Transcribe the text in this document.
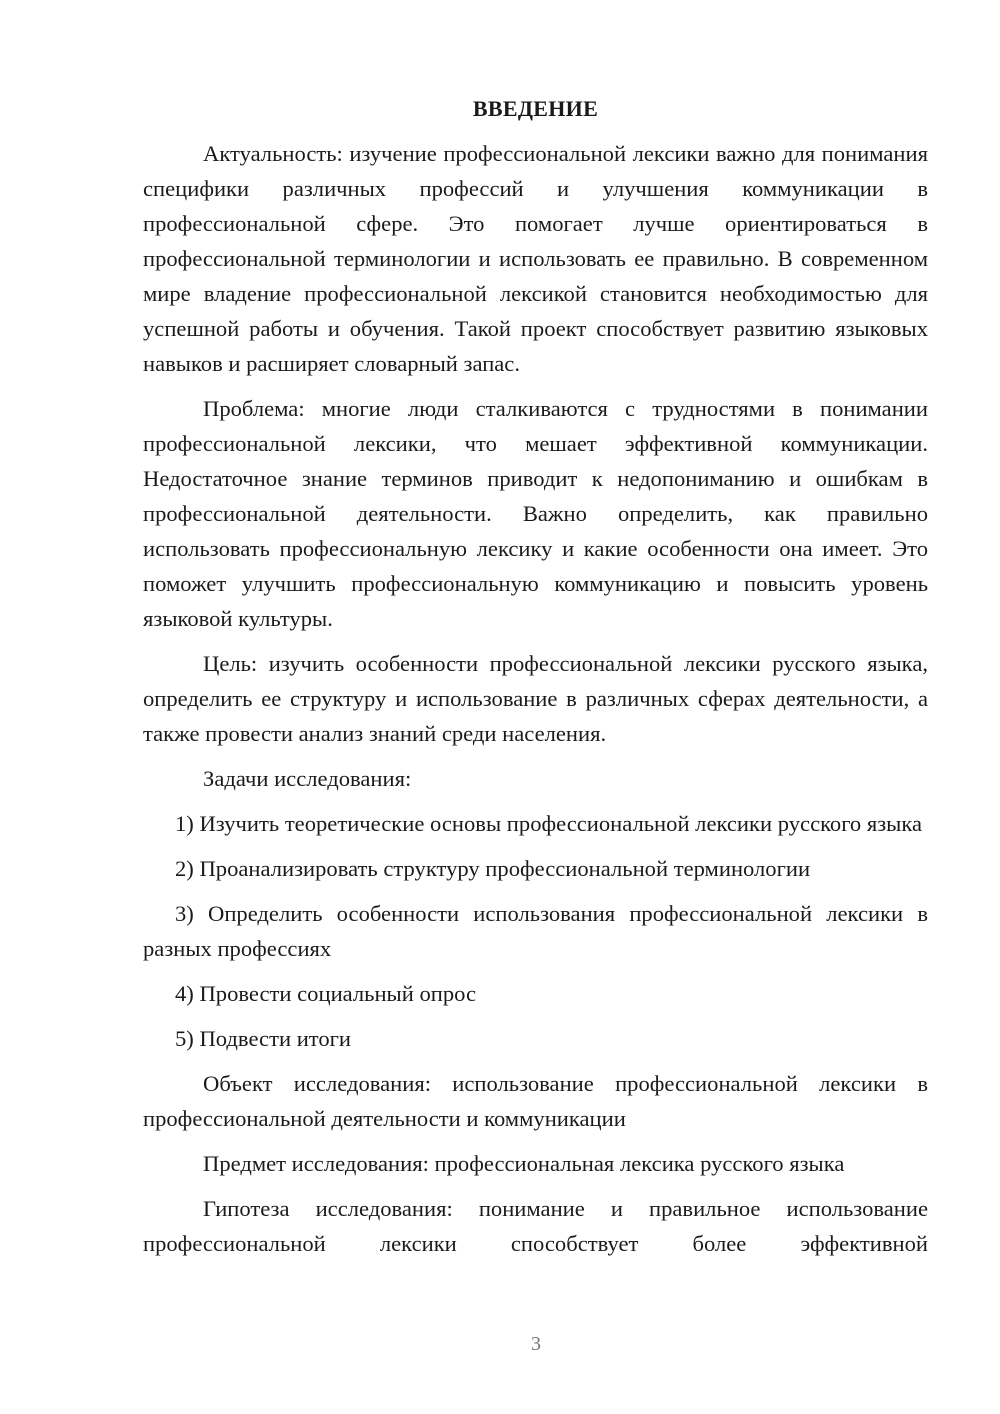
ВВЕДЕНИЕ
Актуальность: изучение профессиональной лексики важно для понимания специфики различных профессий и улучшения коммуникации в профессиональной сфере. Это помогает лучше ориентироваться в профессиональной терминологии и использовать ее правильно. В современном мире владение профессиональной лексикой становится необходимостью для успешной работы и обучения. Такой проект способствует развитию языковых навыков и расширяет словарный запас.
Проблема: многие люди сталкиваются с трудностями в понимании профессиональной лексики, что мешает эффективной коммуникации. Недостаточное знание терминов приводит к недопониманию и ошибкам в профессиональной деятельности. Важно определить, как правильно использовать профессиональную лексику и какие особенности она имеет. Это поможет улучшить профессиональную коммуникацию и повысить уровень языковой культуры.
Цель: изучить особенности профессиональной лексики русского языка, определить ее структуру и использование в различных сферах деятельности, а также провести анализ знаний среди населения.
Задачи исследования:
1) Изучить теоретические основы профессиональной лексики русского языка
2) Проанализировать структуру профессиональной терминологии
3) Определить особенности использования профессиональной лексики в разных профессиях
4) Провести социальный опрос
5) Подвести итоги
Объект исследования: использование профессиональной лексики в профессиональной деятельности и коммуникации
Предмет исследования: профессиональная лексика русского языка
Гипотеза исследования: понимание и правильное использование профессиональной лексики способствует более эффективной
3
